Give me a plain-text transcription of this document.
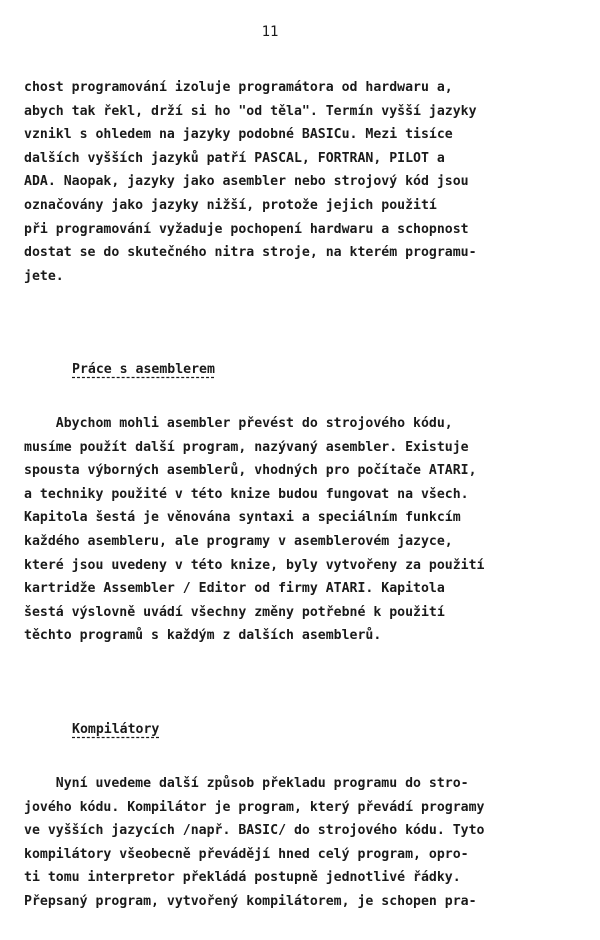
11
chost programování izoluje programátora od hardwaru a,
abych tak řekl, drží si ho "od těla". Termín vyšší jazyky
vznikl s ohledem na jazyky podobné BASICu. Mezi tisíce
dalších vyšších jazyků patří PASCAL, FORTRAN, PILOT a
ADA. Naopak, jazyky jako asembler nebo strojový kód jsou
označovány jako jazyky nižší, protože jejich použití
při programování vyžaduje pochopení hardwaru a schopnost
dostat se do skutečného nitra stroje, na kterém programu-
jete.
Práce s asemblerem
Abychom mohli asembler převést do strojového kódu,
musíme použít další program, nazývaný asembler. Existuje
spousta výborných asemblerů, vhodných pro počítače ATARI,
a techniky použité v této knize budou fungovat na všech.
Kapitola šestá je věnována syntaxi a speciálním funkcím
každého asembleru, ale programy v asemblerovém jazyce,
které jsou uvedeny v této knize, byly vytvořeny za použití
kartridže Assembler / Editor od firmy ATARI. Kapitola
šestá výslovně uvádí všechny změny potřebné k použití
těchto programů s každým z dalších asemblerů.
Kompilátory
Nyní uvedeme další způsob překladu programu do stro-
jového kódu. Kompilátor je program, který převádí programy
ve vyšších jazycích /např. BASIC/ do strojového kódu. Tyto
kompilátory všeobecně převádějí hned celý program, opro-
ti tomu interpretor překládá postupně jednotlivé řádky.
Přepsaný program, vytvořený kompilátorem, je schopen pra-
